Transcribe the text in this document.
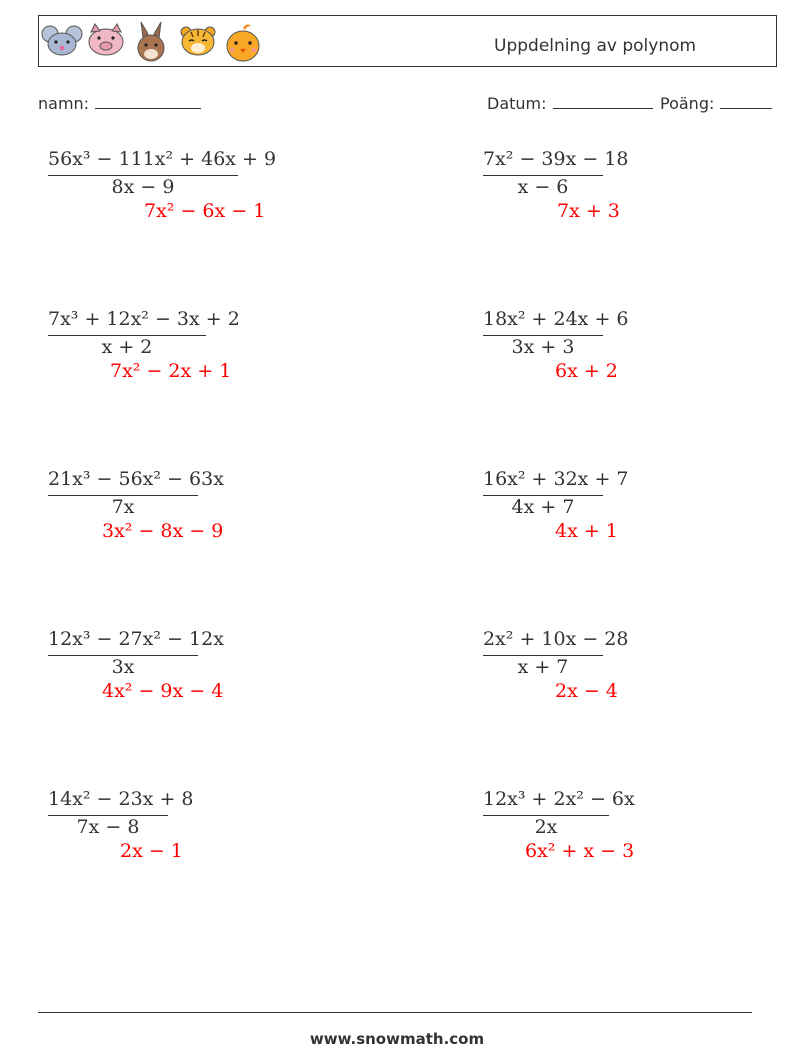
Uppdelning av polynom
namn:	Datum:	Poäng:
56x³ − 111x² + 46x + 9
8x − 9
7x² − 6x − 1
7x² − 39x − 18
x − 6
7x + 3
7x³ + 12x² − 3x + 2
x + 2
7x² − 2x + 1
18x² + 24x + 6
3x + 3
6x + 2
21x³ − 56x² − 63x
7x
3x² − 8x − 9
16x² + 32x + 7
4x + 7
4x + 1
12x³ − 27x² − 12x
3x
4x² − 9x − 4
2x² + 10x − 28
x + 7
2x − 4
14x² − 23x + 8
7x − 8
2x − 1
12x³ + 2x² − 6x
2x
6x² + x − 3
www.snowmath.com
